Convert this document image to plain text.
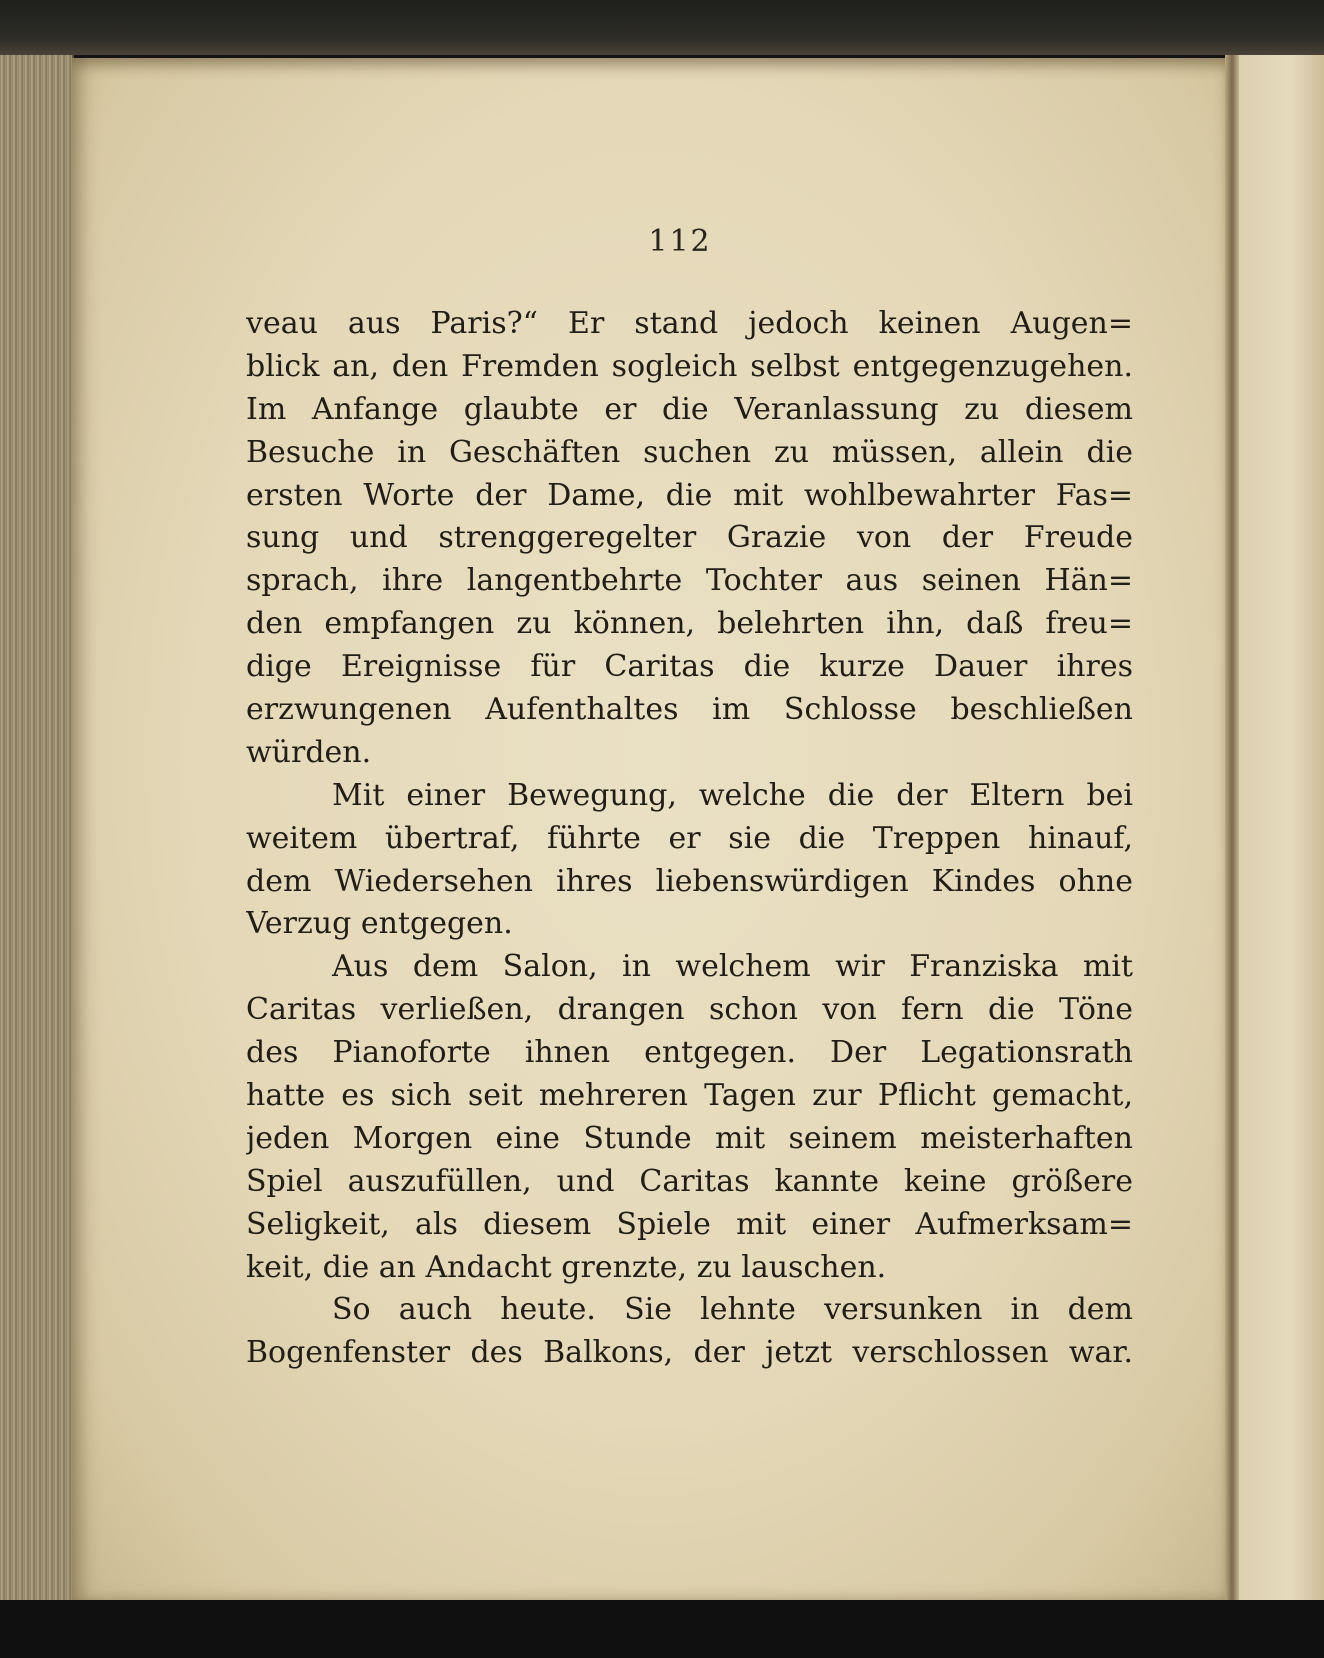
112
veau aus Paris?“ Er stand jedoch keinen Augen=
blick an, den Fremden sogleich selbst entgegenzugehen.
Im Anfange glaubte er die Veranlassung zu diesem
Besuche in Geschäften suchen zu müssen, allein die
ersten Worte der Dame, die mit wohlbewahrter Fas=
sung und strenggeregelter Grazie von der Freude
sprach, ihre langentbehrte Tochter aus seinen Hän=
den empfangen zu können, belehrten ihn, daß freu=
dige Ereignisse für Caritas die kurze Dauer ihres
erzwungenen Aufenthaltes im Schlosse beschließen
würden.
Mit einer Bewegung, welche die der Eltern bei
weitem übertraf, führte er sie die Treppen hinauf,
dem Wiedersehen ihres liebenswürdigen Kindes ohne
Verzug entgegen.
Aus dem Salon, in welchem wir Franziska mit
Caritas verließen, drangen schon von fern die Töne
des Pianoforte ihnen entgegen. Der Legationsrath
hatte es sich seit mehreren Tagen zur Pflicht gemacht,
jeden Morgen eine Stunde mit seinem meisterhaften
Spiel auszufüllen, und Caritas kannte keine größere
Seligkeit, als diesem Spiele mit einer Aufmerksam=
keit, die an Andacht grenzte, zu lauschen.
So auch heute. Sie lehnte versunken in dem
Bogenfenster des Balkons, der jetzt verschlossen war.
